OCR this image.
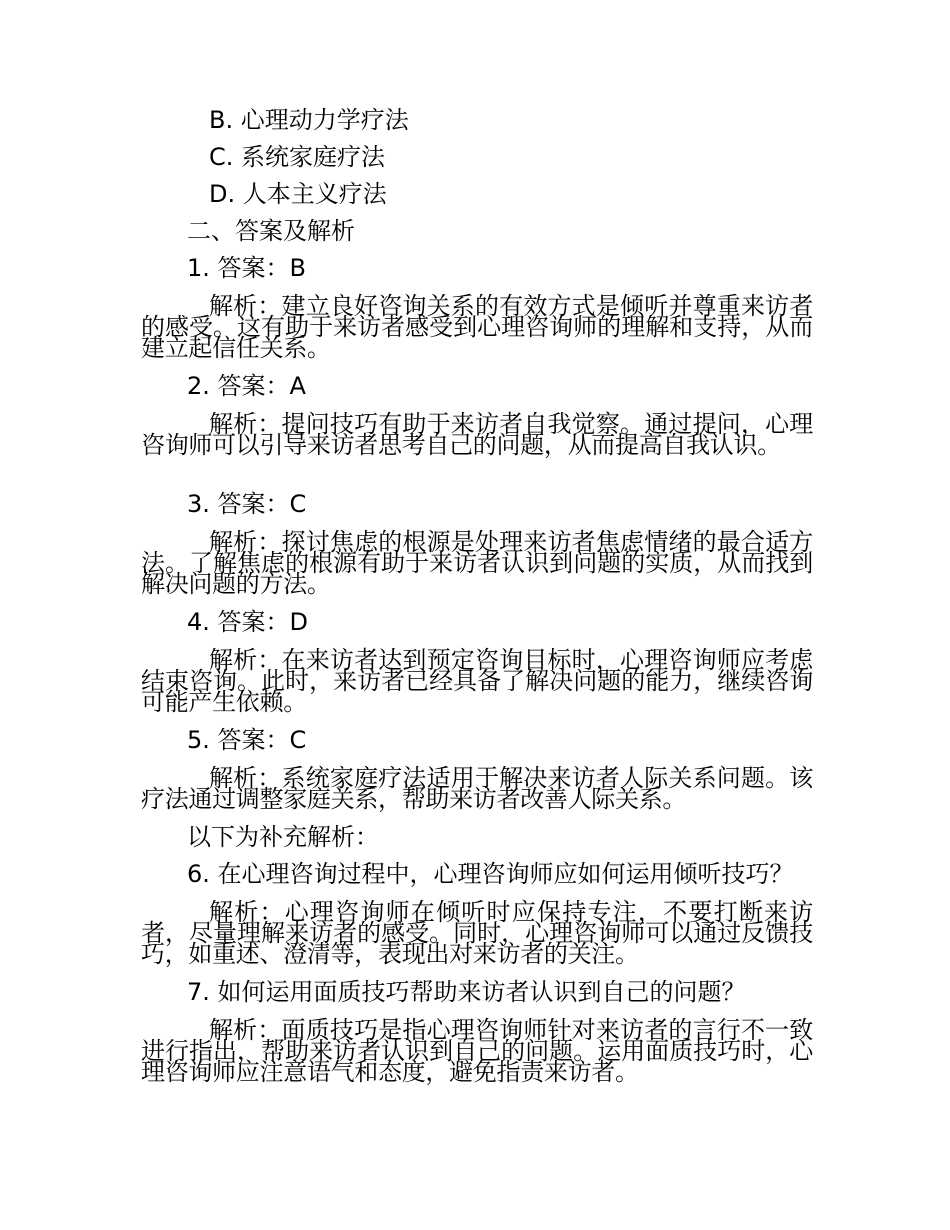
B. 心理动力学疗法
C. 系统家庭疗法
D. 人本主义疗法
二、答案及解析
1. 答案：B
解析：建立良好咨询关系的有效方式是倾听并尊重来访者的感受。这有助于来访者感受到心理咨询师的理解和支持，从而建立起信任关系。
2. 答案：A
解析：提问技巧有助于来访者自我觉察。通过提问，心理咨询师可以引导来访者思考自己的问题，从而提高自我认识。
3. 答案：C
解析：探讨焦虑的根源是处理来访者焦虑情绪的最合适方法。了解焦虑的根源有助于来访者认识到问题的实质，从而找到解决问题的方法。
4. 答案：D
解析：在来访者达到预定咨询目标时，心理咨询师应考虑结束咨询。此时，来访者已经具备了解决问题的能力，继续咨询可能产生依赖。
5. 答案：C
解析：系统家庭疗法适用于解决来访者人际关系问题。该疗法通过调整家庭关系，帮助来访者改善人际关系。
以下为补充解析：
6. 在心理咨询过程中，心理咨询师应如何运用倾听技巧？
解析：心理咨询师在倾听时应保持专注，不要打断来访者，尽量理解来访者的感受。同时，心理咨询师可以通过反馈技巧，如重述、澄清等，表现出对来访者的关注。
7. 如何运用面质技巧帮助来访者认识到自己的问题？
解析：面质技巧是指心理咨询师针对来访者的言行不一致进行指出，帮助来访者认识到自己的问题。运用面质技巧时，心理咨询师应注意语气和态度，避免指责来访者。
